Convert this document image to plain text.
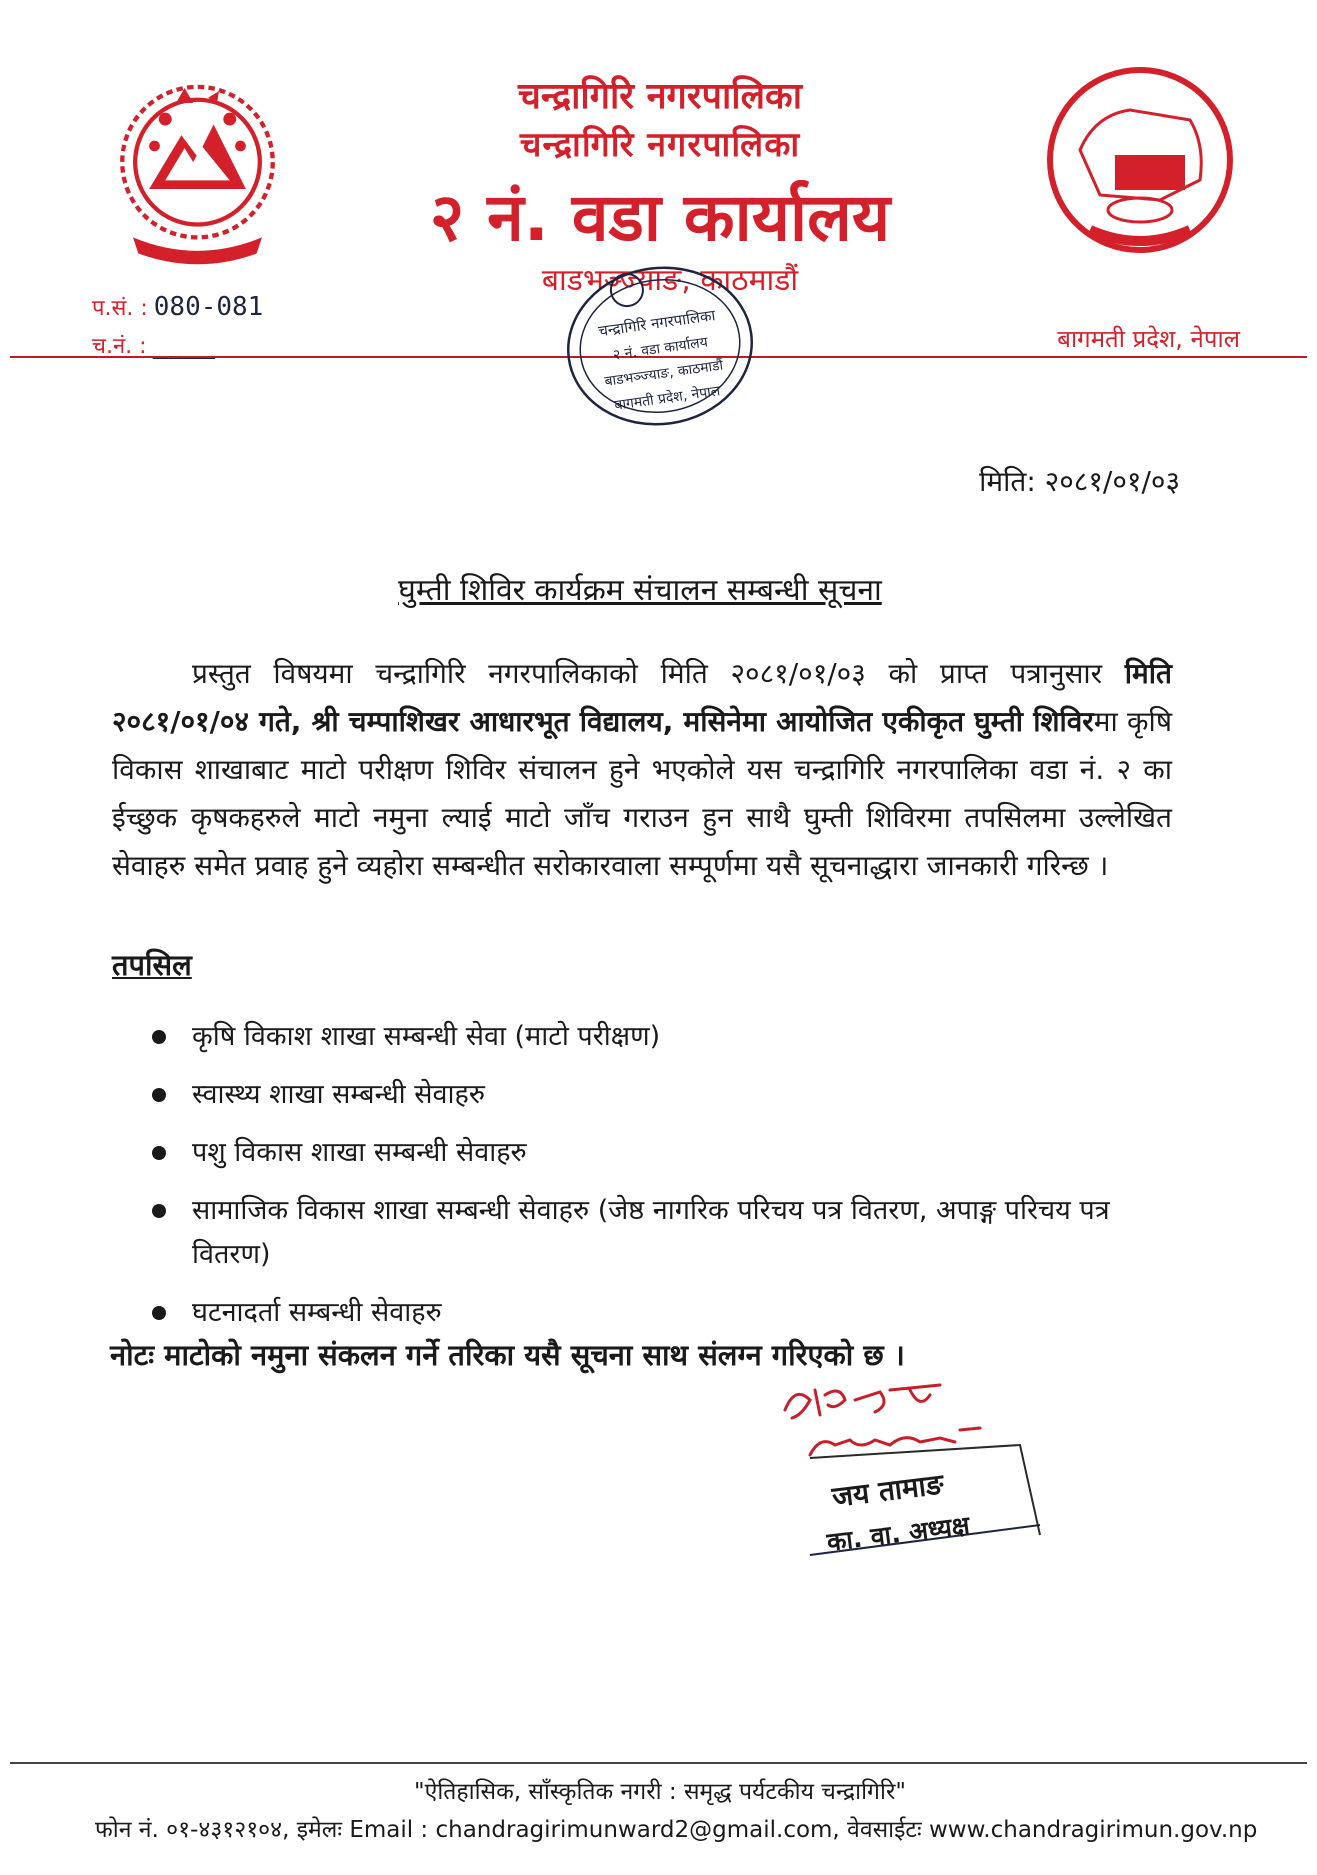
चन्द्रागिरि नगरपालिका
चन्द्रागिरि नगरपालिका
२ नं. वडा कार्यालय
बाडभञ्ज्याङ, काठमाडौं
प.सं. : 080-081
च.नं. : ____	बागमती प्रदेश, नेपाल
चन्द्रागिरि नगरपालिका
२ नं. वडा कार्यालय
बाडभञ्ज्याङ, काठमाडौं
बागमती प्रदेश, नेपाल
मिति: २०८१/०१/०३
घुम्ती शिविर कार्यक्रम संचालन सम्बन्धी सूचना
प्रस्तुत विषयमा चन्द्रागिरि नगरपालिकाको मिति २०८१/०१/०३ को प्राप्त पत्रानुसार मिति २०८१/०१/०४ गते, श्री चम्पाशिखर आधारभूत विद्यालय, मसिनेमा आयोजित एकीकृत घुम्ती शिविरमा कृषि विकास शाखाबाट माटो परीक्षण शिविर संचालन हुने भएकोले यस चन्द्रागिरि नगरपालिका वडा नं. २ का ईच्छुक कृषकहरुले माटो नमुना ल्याई माटो जाँच गराउन हुन साथै घुम्ती शिविरमा तपसिलमा उल्लेखित सेवाहरु समेत प्रवाह हुने व्यहोरा सम्बन्धीत सरोकारवाला सम्पूर्णमा यसै सूचनाद्धारा जानकारी गरिन्छ ।
तपसिल
कृषि विकाश शाखा सम्बन्धी सेवा (माटो परीक्षण)
स्वास्थ्य शाखा सम्बन्धी सेवाहरु
पशु विकास शाखा सम्बन्धी सेवाहरु
सामाजिक विकास शाखा सम्बन्धी सेवाहरु (जेष्ठ नागरिक परिचय पत्र वितरण, अपाङ्ग परिचय पत्र वितरण)
घटनादर्ता सम्बन्धी सेवाहरु
नोटः माटोको नमुना संकलन गर्ने तरिका यसै सूचना साथ संलग्न गरिएको छ ।
जय तामाङ
का. वा. अध्यक्ष
"ऐतिहासिक, साँस्कृतिक नगरी : समृद्ध पर्यटकीय चन्द्रागिरि"
फोन नं. ०१-४३१२१०४, इमेलः Email : chandragirimunward2@gmail.com, वेवसाईटः www.chandragirimun.gov.np
